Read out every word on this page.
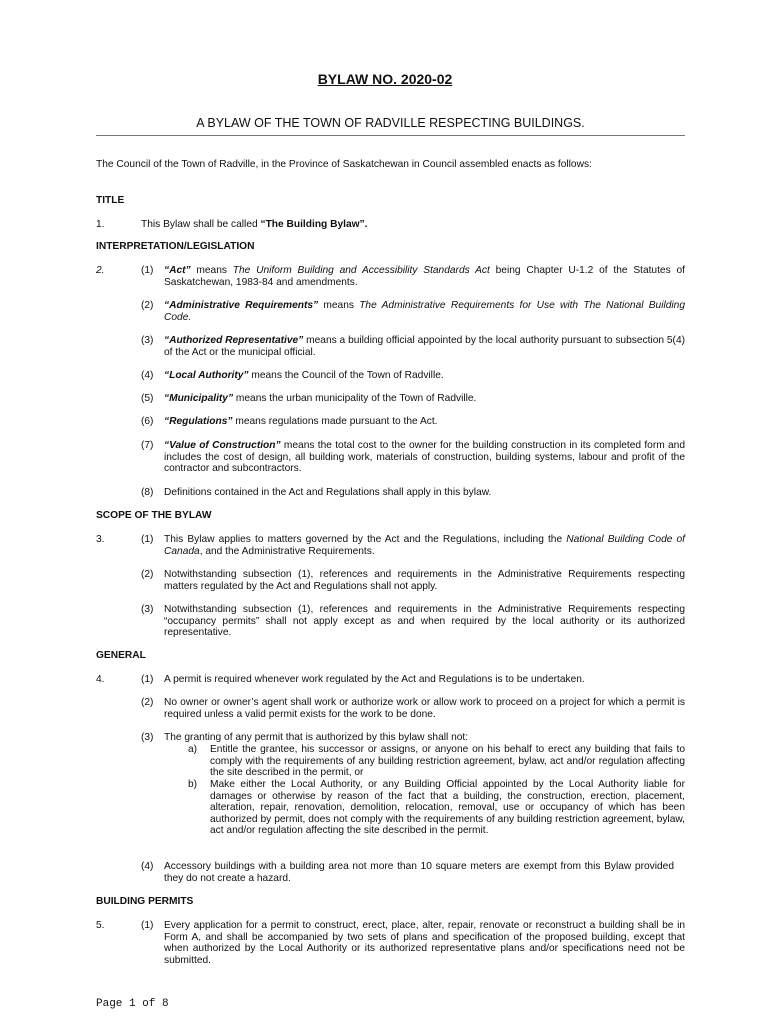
BYLAW NO. 2020-02
A BYLAW OF THE TOWN OF RADVILLE RESPECTING BUILDINGS.
The Council of the Town of Radville, in the Province of Saskatchewan in Council assembled enacts as follows:
TITLE
1.	This Bylaw shall be called “The Building Bylaw”.
INTERPRETATION/LEGISLATION
2.	(1)	“Act” means The Uniform Building and Accessibility Standards Act being Chapter U-1.2 of the Statutes of Saskatchewan, 1983-84 and amendments.
(2)	“Administrative Requirements” means The Administrative Requirements for Use with The National Building Code.
(3)	“Authorized Representative” means a building official appointed by the local authority pursuant to subsection 5(4) of the Act or the municipal official.
(4)	“Local Authority” means the Council of the Town of Radville.
(5)	“Municipality” means the urban municipality of the Town of Radville.
(6)	“Regulations” means regulations made pursuant to the Act.
(7)	“Value of Construction” means the total cost to the owner for the building construction in its completed form and includes the cost of design, all building work, materials of construction, building systems, labour and profit of the contractor and subcontractors.
(8)	Definitions contained in the Act and Regulations shall apply in this bylaw.
SCOPE OF THE BYLAW
3.	(1)	This Bylaw applies to matters governed by the Act and the Regulations, including the National Building Code of Canada, and the Administrative Requirements.
(2)	Notwithstanding subsection (1), references and requirements in the Administrative Requirements respecting matters regulated by the Act and Regulations shall not apply.
(3)	Notwithstanding subsection (1), references and requirements in the Administrative Requirements respecting “occupancy permits” shall not apply except as and when required by the local authority or its authorized representative.
GENERAL
4.	(1)	A permit is required whenever work regulated by the Act and Regulations is to be undertaken.
(2)	No owner or owner’s agent shall work or authorize work or allow work to proceed on a project for which a permit is required unless a valid permit exists for the work to be done.
(3)	The granting of any permit that is authorized by this bylaw shall not:
a)	Entitle the grantee, his successor or assigns, or anyone on his behalf to erect any building that fails to comply with the requirements of any building restriction agreement, bylaw, act and/or regulation affecting the site described in the permit, or
b)	Make either the Local Authority, or any Building Official appointed by the Local Authority liable for damages or otherwise by reason of the fact that a building, the construction, erection, placement, alteration, repair, renovation, demolition, relocation, removal, use or occupancy of which has been authorized by permit, does not comply with the requirements of any building restriction agreement, bylaw, act and/or regulation affecting the site described in the permit.
(4)	Accessory buildings with a building area not more than 10 square meters are exempt from this Bylaw provided they do not create a hazard.
BUILDING PERMITS
5.	(1)	Every application for a permit to construct, erect, place, alter, repair, renovate or reconstruct a building shall be in Form A, and shall be accompanied by two sets of plans and specification of the proposed building, except that when authorized by the Local Authority or its authorized representative plans and/or specifications need not be submitted.
Page 1 of 8
